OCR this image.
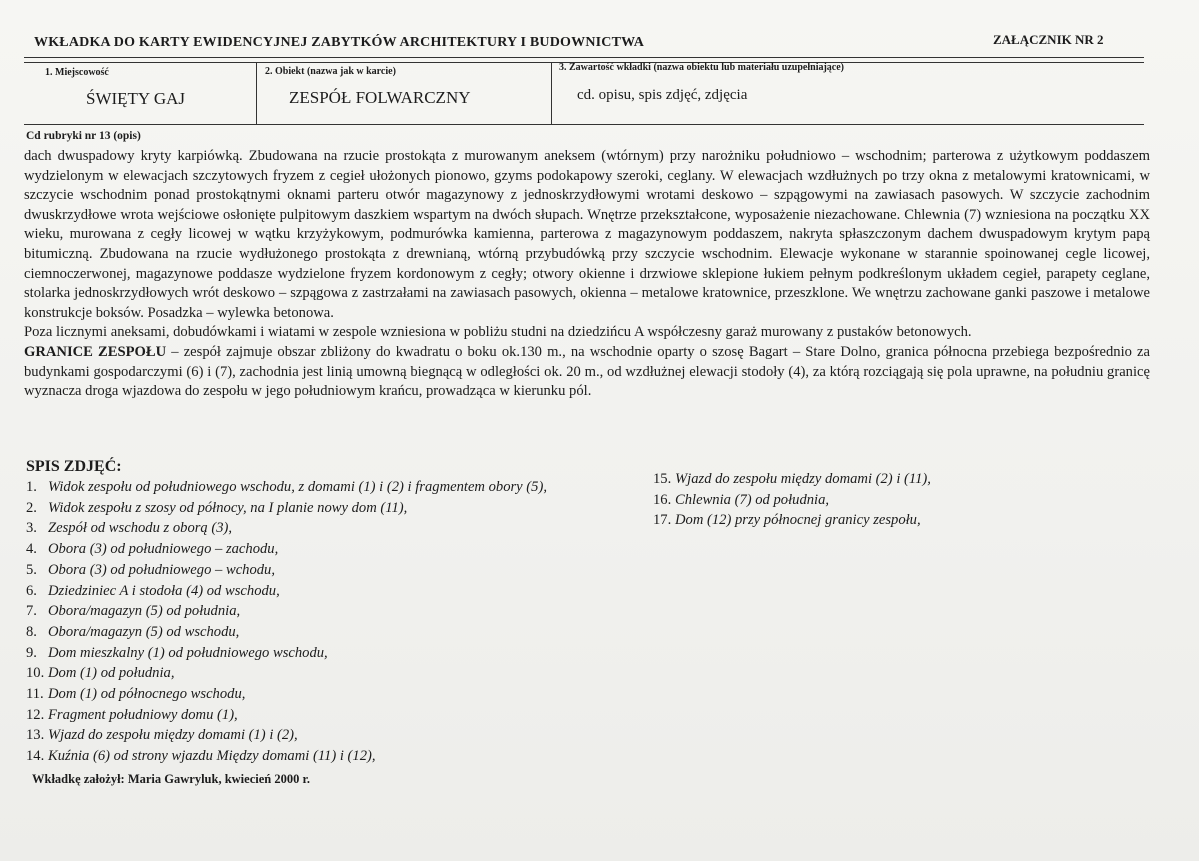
WKŁADKA DO KARTY EWIDENCYJNEJ ZABYTKÓW ARCHITEKTURY I BUDOWNICTWA	ZAŁĄCZNIK NR 2
1. Miejscowość
ŚWIĘTY GAJ
2. Obiekt (nazwa jak w karcie)
ZESPÓŁ FOLWARCZNY
3. Zawartość wkładki (nazwa obiektu lub materiału uzupełniające)
cd. opisu, spis zdjęć, zdjęcia
Cd rubryki nr 13 (opis)

dach dwuspadowy kryty karpiówką. Zbudowana na rzucie prostokąta z murowanym aneksem (wtórnym) przy narożniku południowo – wschodnim; parterowa z użytkowym poddaszem wydzielonym w elewacjach szczytowych fryzem z cegieł ułożonych pionowo, gzyms podokapowy szeroki, ceglany. W elewacjach wzdłużnych po trzy okna z metalowymi kratownicami, w szczycie wschodnim ponad prostokątnymi oknami parteru otwór magazynowy z jednoskrzydłowymi wrotami deskowo – szpągowymi na zawiasach pasowych. W szczycie zachodnim dwuskrzydłowe wrota wejściowe osłonięte pulpitowym daszkiem wspartym na dwóch słupach. Wnętrze przekształcone, wyposażenie niezachowane. Chlewnia (7) wzniesiona na początku XX wieku, murowana z cegły licowej w wątku krzyżykowym, podmurówka kamienna, parterowa z magazynowym poddaszem, nakryta spłaszczonym dachem dwuspadowym krytym papą bitumiczną. Zbudowana na rzucie wydłużonego prostokąta z drewnianą, wtórną przybudówką przy szczycie wschodnim. Elewacje wykonane w starannie spoinowanej cegle licowej, ciemnoczerwonej, magazynowe poddasze wydzielone fryzem kordonowym z cegły; otwory okienne i drzwiowe sklepione łukiem pełnym podkreślonym układem cegieł, parapety ceglane, stolarka jednoskrzydłowych wrót deskowo – szpągowa z zastrzałami na zawiasach pasowych, okienna – metalowe kratownice, przeszklone. We wnętrzu zachowane ganki paszowe i metalowe konstrukcje boksów. Posadzka – wylewka betonowa.

Poza licznymi aneksami, dobudówkami i wiatami w zespole wzniesiona w pobliżu studni na dziedzińcu A współczesny garaż murowany z pustaków betonowych.

GRANICE ZESPOŁU – zespół zajmuje obszar zbliżony do kwadratu o boku ok.130 m., na wschodnie oparty o szosę Bagart – Stare Dolno, granica północna przebiega bezpośrednio za budynkami gospodarczymi (6) i (7), zachodnia jest linią umowną biegnącą w odległości ok. 20 m., od wzdłużnej elewacji stodoły (4), za którą rozciągają się pola uprawne, na południu granicę wyznacza droga wjazdowa do zespołu w jego południowym krańcu, prowadząca w kierunku pól.

SPIS ZDJĘĆ:
1. Widok zespołu od południowego wschodu, z domami (1) i (2) i fragmentem obory (5),
2. Widok zespołu z szosy od północy, na I planie nowy dom (11),
3. Zespół od wschodu z oborą (3),
4. Obora (3) od południowego – zachodu,
5. Obora (3) od południowego – wchodu,
6. Dziedziniec A i stodoła (4) od wschodu,
7. Obora/magazyn (5) od południa,
8. Obora/magazyn (5) od wschodu,
9. Dom mieszkalny (1) od południowego wschodu,
10. Dom (1) od południa,
11. Dom (1) od północnego wschodu,
12. Fragment południowy domu (1),
13. Wjazd do zespołu między domami (1) i (2),
14. Kuźnia (6) od strony wjazdu Między domami (11) i (12),
15. Wjazd do zespołu między domami (2) i (11),
16. Chlewnia (7) od południa,
17. Dom (12) przy północnej granicy zespołu,
Wkładkę założył: Maria Gawryluk, kwiecień 2000 r.
